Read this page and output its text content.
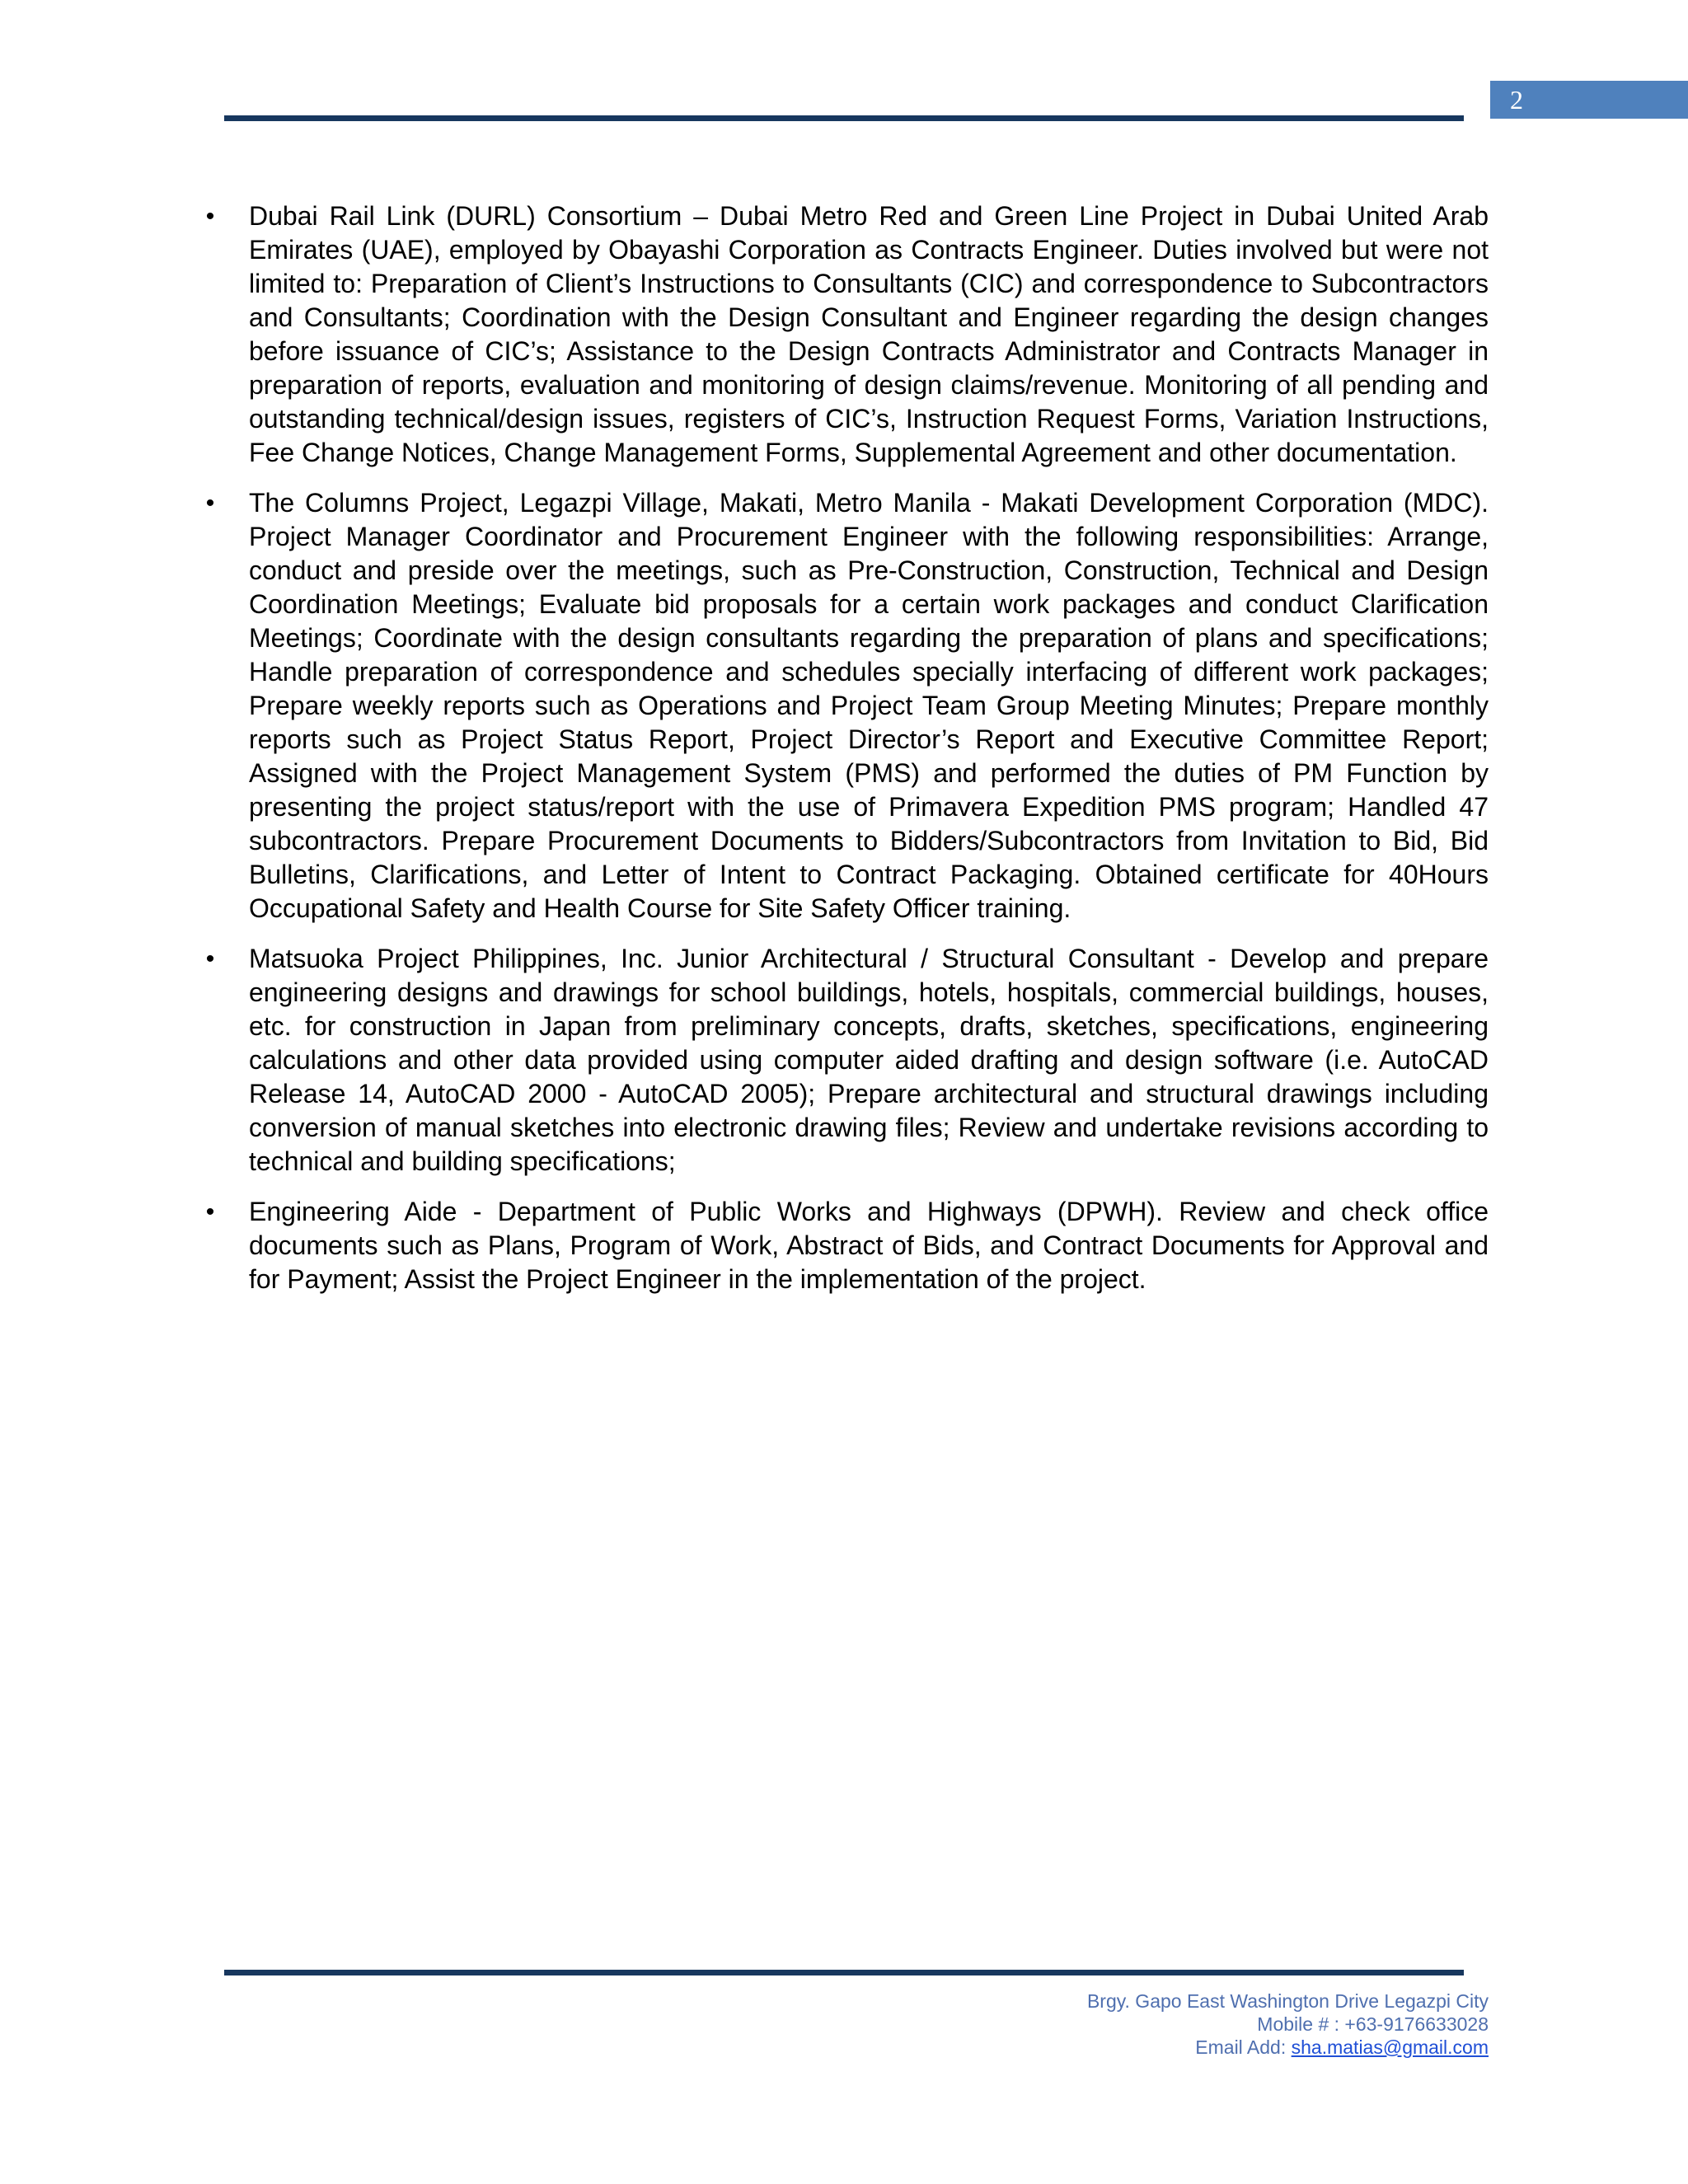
2
•	Dubai Rail Link (DURL) Consortium – Dubai Metro Red and Green Line Project in Dubai United Arab Emirates (UAE), employed by Obayashi Corporation as Contracts Engineer. Duties involved but were not limited to: Preparation of Client’s Instructions to Consultants (CIC) and correspondence to Subcontractors and Consultants; Coordination with the Design Consultant and Engineer regarding the design changes before issuance of CIC’s; Assistance to the Design Contracts Administrator and Contracts Manager in preparation of reports, evaluation and monitoring of design claims/revenue. Monitoring of all pending and outstanding technical/design issues, registers of CIC’s, Instruction Request Forms, Variation Instructions, Fee Change Notices, Change Management Forms, Supplemental Agreement and other documentation.
•	The Columns Project, Legazpi Village, Makati, Metro Manila - Makati Development Corporation (MDC). Project Manager Coordinator and Procurement Engineer with the following responsibilities: Arrange, conduct and preside over the meetings, such as Pre-Construction, Construction, Technical and Design Coordination Meetings; Evaluate bid proposals for a certain work packages and conduct Clarification Meetings; Coordinate with the design consultants regarding the preparation of plans and specifications; Handle preparation of correspondence and schedules specially interfacing of different work packages; Prepare weekly reports such as Operations and Project Team Group Meeting Minutes; Prepare monthly reports such as Project Status Report, Project Director’s Report and Executive Committee Report; Assigned with the Project Management System (PMS) and performed the duties of PM Function by presenting the project status/report with the use of Primavera Expedition PMS program; Handled 47 subcontractors. Prepare Procurement Documents to Bidders/Subcontractors from Invitation to Bid, Bid Bulletins, Clarifications, and Letter of Intent to Contract Packaging. Obtained certificate for 40Hours Occupational Safety and Health Course for Site Safety Officer training.
•	Matsuoka Project Philippines, Inc. Junior Architectural / Structural Consultant - Develop and prepare engineering designs and drawings for school buildings, hotels, hospitals, commercial buildings, houses, etc. for construction in Japan from preliminary concepts, drafts, sketches, specifications, engineering calculations and other data provided using computer aided drafting and design software (i.e. AutoCAD Release 14, AutoCAD 2000 - AutoCAD 2005); Prepare architectural and structural drawings including conversion of manual sketches into electronic drawing files; Review and undertake revisions according to technical and building specifications;
•	Engineering Aide - Department of Public Works and Highways (DPWH). Review and check office documents such as Plans, Program of Work, Abstract of Bids, and Contract Documents for Approval and for Payment; Assist the Project Engineer in the implementation of the project.
Brgy. Gapo East Washington Drive Legazpi City
Mobile # : +63-9176633028
Email Add: sha.matias@gmail.com
